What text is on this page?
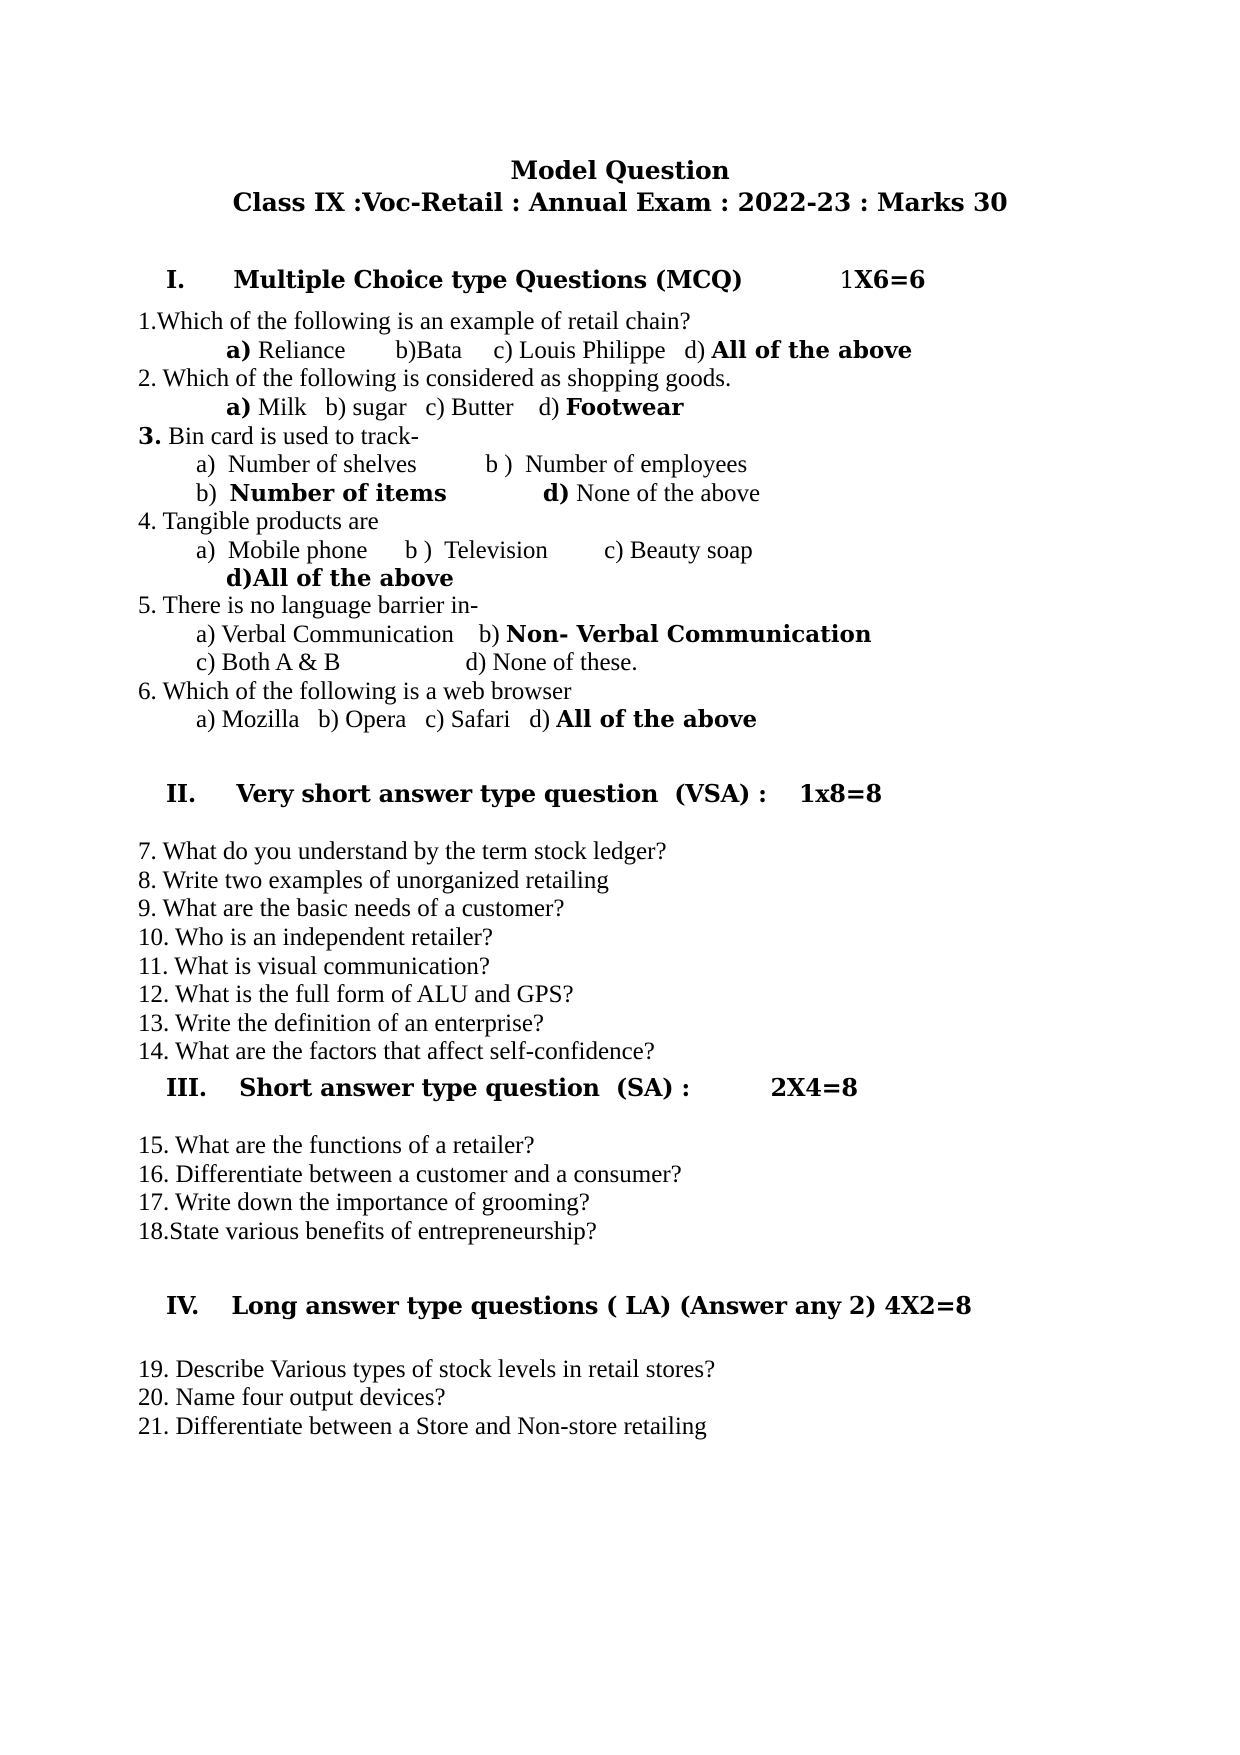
Model Question
Class IX :Voc-Retail : Annual Exam : 2022-23 : Marks 30
I. Multiple Choice type Questions (MCQ)	1X6=6
1.Which of the following is an example of retail chain?
a) Reliance        b)Bata     c) Louis Philippe   d) All of the above
2. Which of the following is considered as shopping goods.
a) Milk   b) sugar   c) Butter    d) Footwear
3. Bin card is used to track-
a)  Number of shelves           b )  Number of employees
b)  Number of items            d) None of the above
4. Tangible products are
a)  Mobile phone      b )  Television         c) Beauty soap
d)All of the above
5. There is no language barrier in-
a) Verbal Communication    b) Non- Verbal Communication
c) Both A & B                    d) None of these.
6. Which of the following is a web browser
a) Mozilla   b) Opera   c) Safari   d) All of the above
II. Very short answer type question  (VSA) : 1x8=8
7. What do you understand by the term stock ledger?
8. Write two examples of unorganized retailing
9. What are the basic needs of a customer?
10. Who is an independent retailer?
11. What is visual communication?
12. What is the full form of ALU and GPS?
13. Write the definition of an enterprise?
14. What are the factors that affect self-confidence?
III. Short answer type question  (SA) :	2X4=8
15. What are the functions of a retailer?
16. Differentiate between a customer and a consumer?
17. Write down the importance of grooming?
18.State various benefits of entrepreneurship?
IV. Long answer type questions ( LA) (Answer any 2) 4X2=8
19. Describe Various types of stock levels in retail stores?
20. Name four output devices?
21. Differentiate between a Store and Non-store retailing
